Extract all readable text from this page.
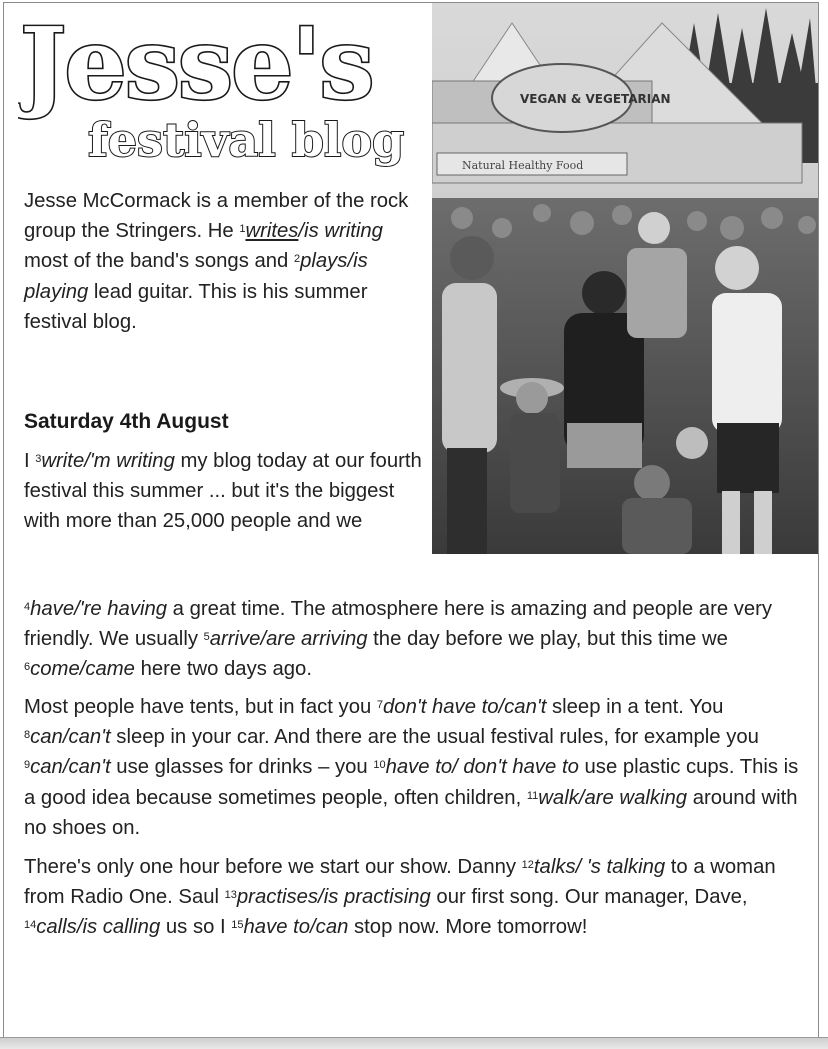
Jesse's
festival blog
VEGAN & VEGETARIAN
Natural Healthy Food

Jesse McCormack is a member of the rock group the Stringers. He $^1$writes/is writing most of the band's songs and $^2$plays/is playing lead guitar. This is his summer festival blog.

Saturday 4th August

I $^3$write/'m writing my blog today at our fourth festival this summer ... but it's the biggest with more than 25,000 people and we

$^4$have/'re having a great time. The atmosphere here is amazing and people are very friendly. We usually $^5$arrive/are arriving the day before we play, but this time we $^6$come/came here two days ago.

Most people have tents, but in fact you $^7$don't have to/can't sleep in a tent. You $^8$can/can't sleep in your car. And there are the usual festival rules, for example you $^9$can/can't use glasses for drinks – you $^{10}$have to/ don't have to use plastic cups. This is a good idea because sometimes people, often children, $^{11}$walk/are walking around with no shoes on.

There's only one hour before we start our show. Danny $^{12}$talks/ 's talking to a woman from Radio One. Saul $^{13}$practises/is practising our first song. Our manager, Dave, $^{14}$calls/is calling us so I $^{15}$have to/can stop now. More tomorrow!
